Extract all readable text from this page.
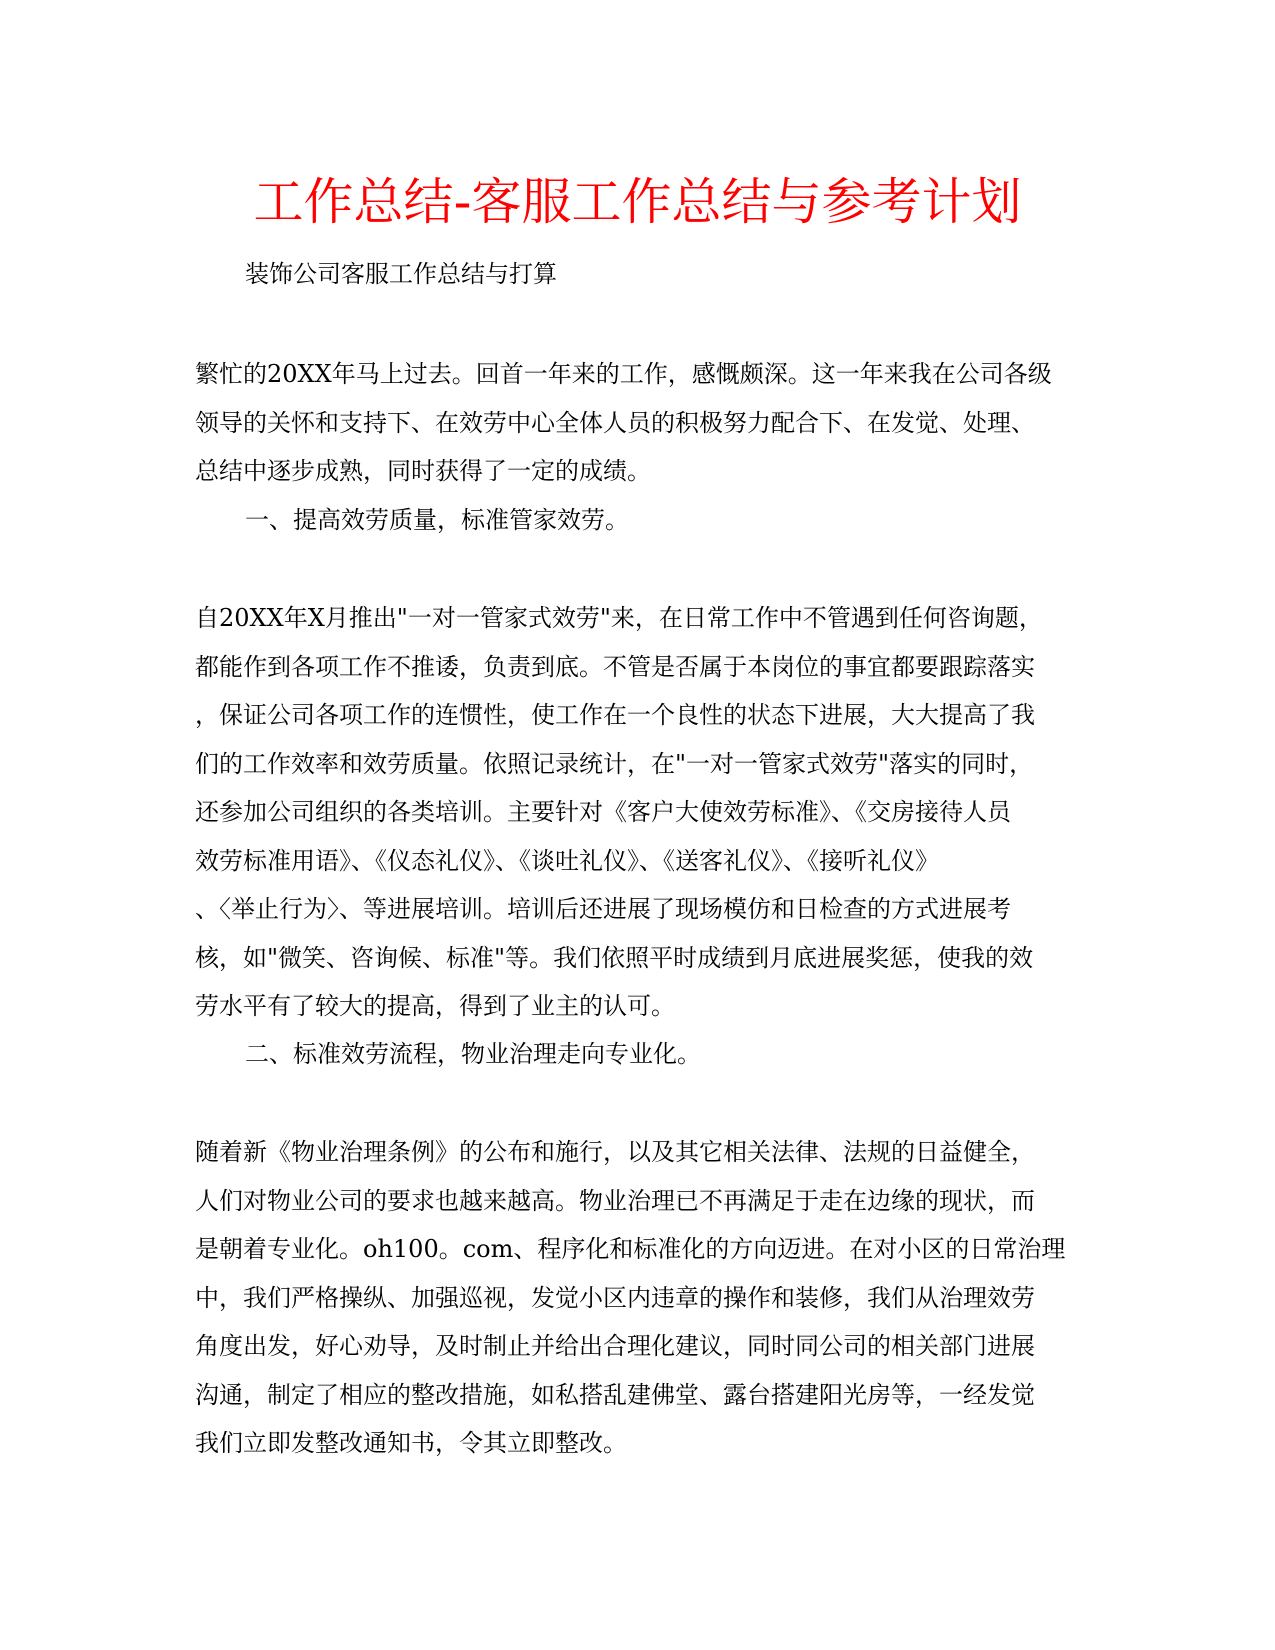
工作总结-客服工作总结与参考计划
装饰公司客服工作总结与打算
繁忙的20XX年马上过去。回首一年来的工作，感慨颇深。这一年来我在公司各级
领导的关怀和支持下、在效劳中心全体人员的积极努力配合下、在发觉、处理、
总结中逐步成熟，同时获得了一定的成绩。
一、提高效劳质量，标准管家效劳。
自20XX年X月推出"一对一管家式效劳"来，在日常工作中不管遇到任何咨询题，
都能作到各项工作不推诿，负责到底。不管是否属于本岗位的事宜都要跟踪落实
，保证公司各项工作的连惯性，使工作在一个良性的状态下进展，大大提高了我
们的工作效率和效劳质量。依照记录统计，在"一对一管家式效劳"落实的同时，
还参加公司组织的各类培训。主要针对《客户大使效劳标准》、《交房接待人员
效劳标准用语》、《仪态礼仪》、《谈吐礼仪》、《送客礼仪》、《接听礼仪》
、〈举止行为〉、等进展培训。培训后还进展了现场模仿和日检查的方式进展考
核，如"微笑、咨询候、标准"等。我们依照平时成绩到月底进展奖惩，使我的效
劳水平有了较大的提高，得到了业主的认可。
二、标准效劳流程，物业治理走向专业化。
随着新《物业治理条例》的公布和施行，以及其它相关法律、法规的日益健全，
人们对物业公司的要求也越来越高。物业治理已不再满足于走在边缘的现状，而
是朝着专业化。oh100。com、程序化和标准化的方向迈进。在对小区的日常治理
中，我们严格操纵、加强巡视，发觉小区内违章的操作和装修，我们从治理效劳
角度出发，好心劝导，及时制止并给出合理化建议，同时同公司的相关部门进展
沟通，制定了相应的整改措施，如私搭乱建佛堂、露台搭建阳光房等，一经发觉
我们立即发整改通知书，令其立即整改。
